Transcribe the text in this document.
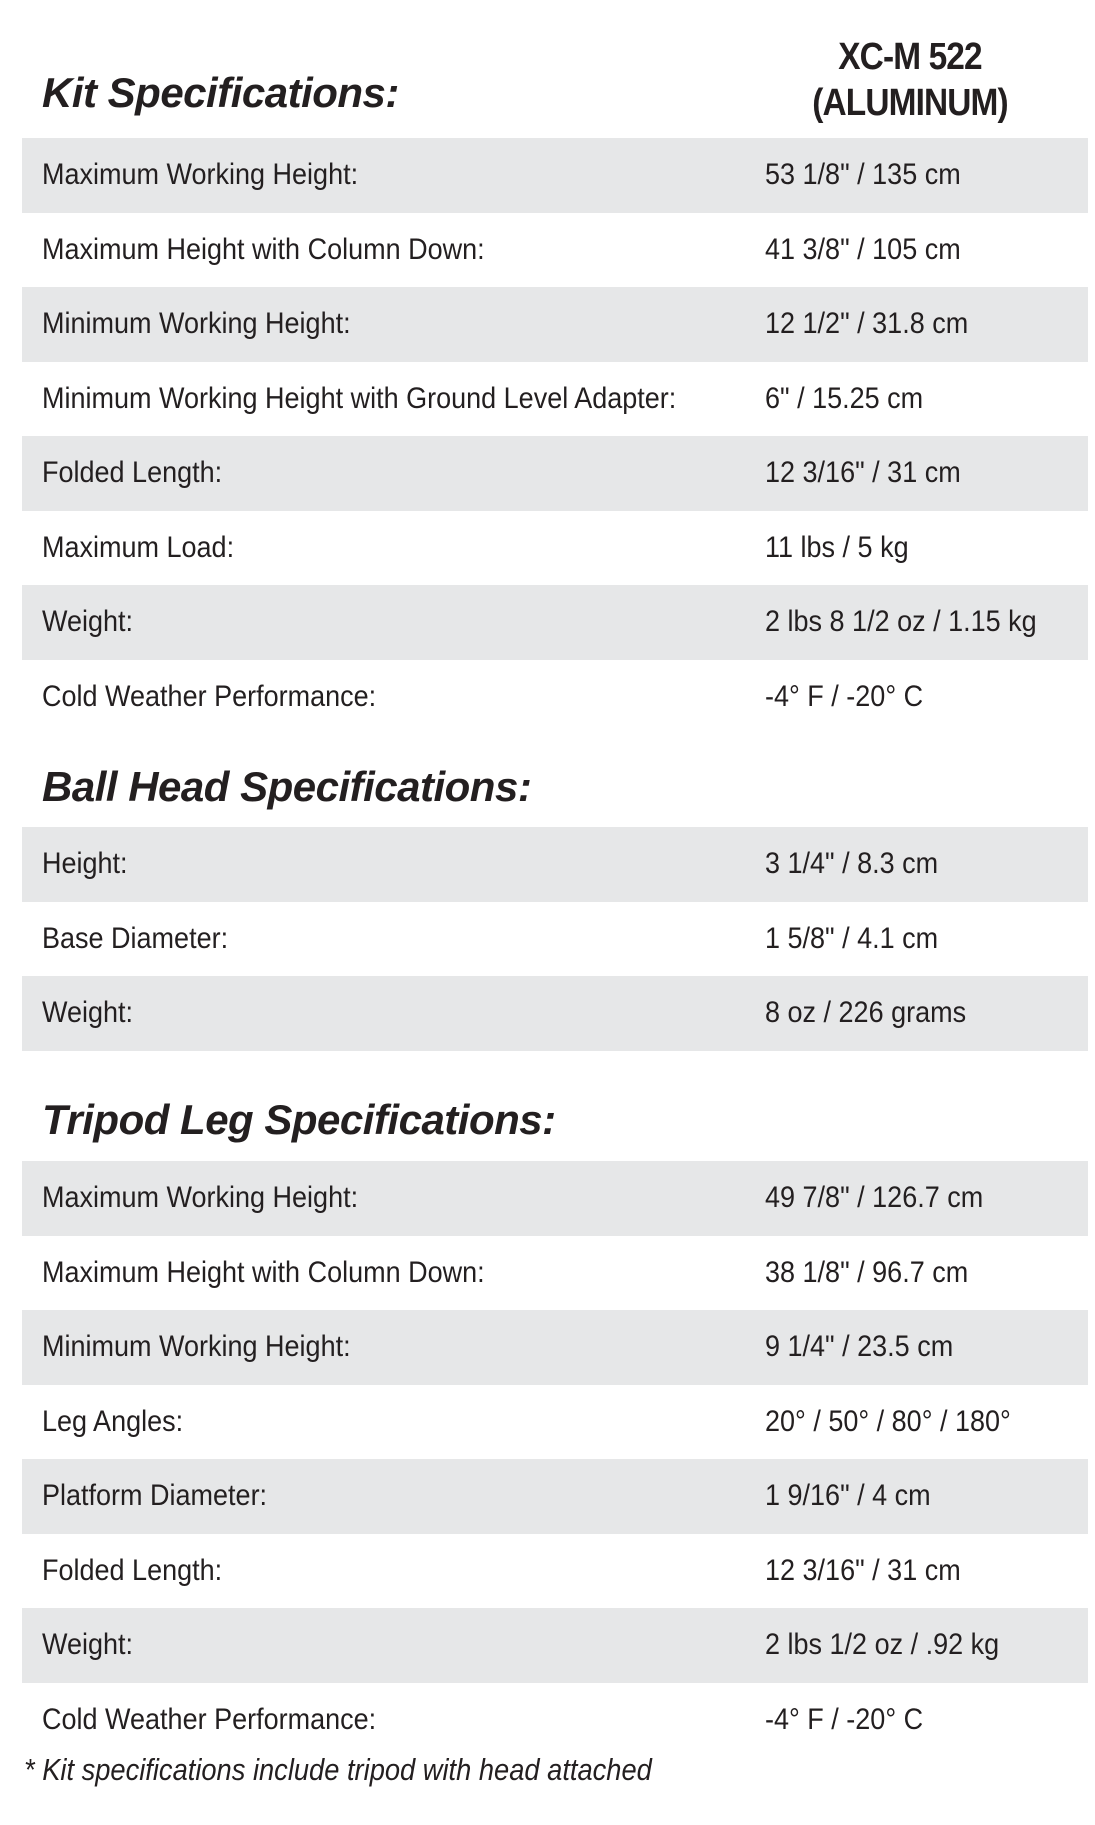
XC-M 522
(ALUMINUM)
Kit Specifications:
Maximum Working Height:	53 1/8" / 135 cm
Maximum Height with Column Down:	41 3/8" / 105 cm
Minimum Working Height:	12 1/2" / 31.8 cm
Minimum Working Height with Ground Level Adapter:	6" / 15.25 cm
Folded Length:	12 3/16" / 31 cm
Maximum Load:	11 lbs / 5 kg
Weight:	2 lbs 8 1/2 oz / 1.15 kg
Cold Weather Performance:	-4° F / -20° C
Ball Head Specifications:
Height:	3 1/4" / 8.3 cm
Base Diameter:	1 5/8" / 4.1 cm
Weight:	8 oz / 226 grams
Tripod Leg Specifications:
Maximum Working Height:	49 7/8" / 126.7 cm
Maximum Height with Column Down:	38 1/8" / 96.7 cm
Minimum Working Height:	9 1/4" / 23.5 cm
Leg Angles:	20° / 50° / 80° / 180°
Platform Diameter:	1 9/16" / 4 cm
Folded Length:	12 3/16" / 31 cm
Weight:	2 lbs 1/2 oz / .92 kg
Cold Weather Performance:	-4° F / -20° C
* Kit specifications include tripod with head attached
